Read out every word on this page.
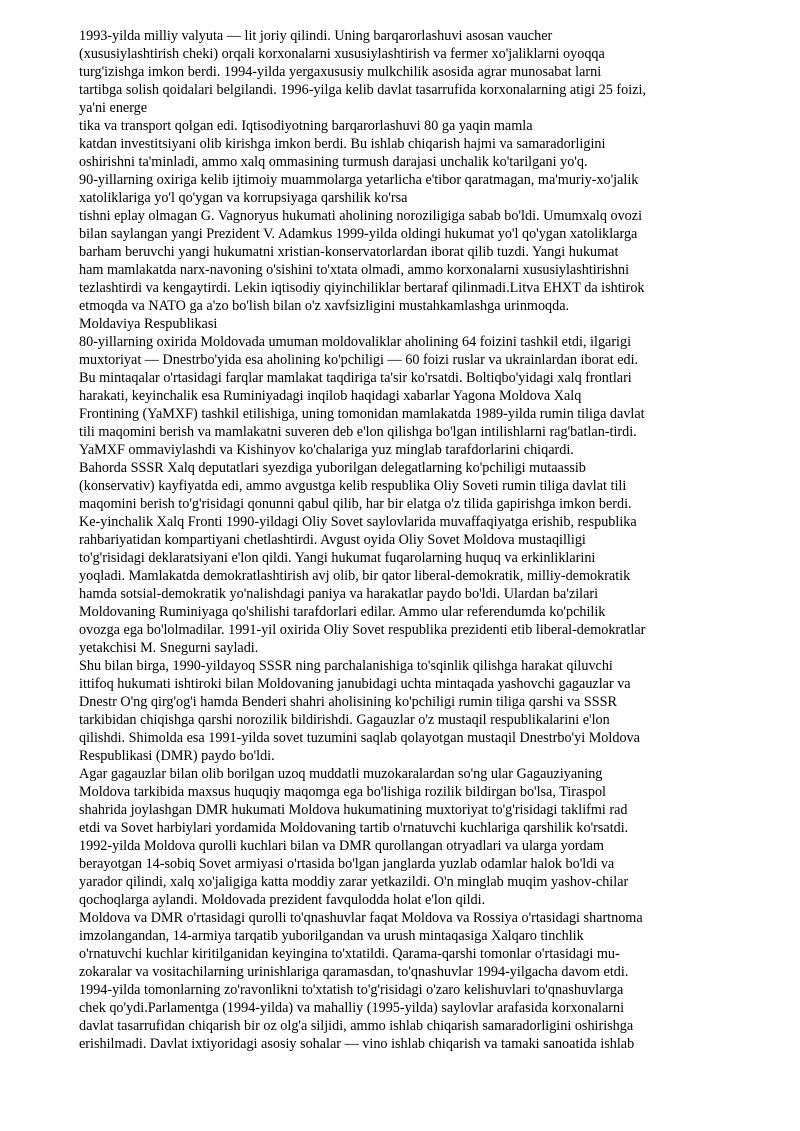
1993-yilda milliy valyuta — lit joriy qilindi. Uning barqarorlashuvi asosan vaucher
(xususiylashtirish cheki) orqali korxonalarni xususiylashtirish va fermer xo'jaliklarni oyoqqa
turg'izishga imkon berdi. 1994-yilda yergaxususiy mulkchilik asosida agrar munosabat larni
tartibga solish qoidalari belgilandi. 1996-yilga kelib davlat tasarrufida korxonalarning atigi 25 foizi,
ya'ni energe
tika va transport qolgan edi. Iqtisodiyotning barqarorlashuvi 80 ga yaqin mamla
katdan investitsiyani olib kirishga imkon berdi. Bu ishlab chiqarish hajmi va samaradorligini
oshirishni ta'minladi, ammo xalq ommasining turmush darajasi unchalik ko'tarilgani yo'q.
90-yillarning oxiriga kelib ijtimoiy muammolarga yetarlicha e'tibor qaratmagan, ma'muriy-xo'jalik
xatoliklariga yo'l qo'ygan va korrupsiyaga qarshilik ko'rsa
tishni eplay olmagan G. Vagnoryus hukumati aholining noroziligiga sabab bo'ldi. Umumxalq ovozi
bilan saylangan yangi Prezident V. Adamkus 1999-yilda oldingi hukumat yo'l qo'ygan xatoliklarga
barham beruvchi yangi hukumatni xristian-konservatorlardan iborat qilib tuzdi. Yangi hukumat
ham mamlakatda narx-navoning o'sishini to'xtata olmadi, ammo korxonalarni xususiylashtirishni
tezlashtirdi va kengaytirdi. Lekin iqtisodiy qiyinchiliklar bertaraf qilinmadi.Litva EHXT da ishtirok
etmoqda va NATO ga a'zo bo'lish bilan o'z xavfsizligini mustahkamlashga urinmoqda.
Moldaviya Respublikasi
80-yillarning oxirida Moldovada umuman moldovaliklar aholining 64 foizini tashkil etdi, ilgarigi
muxtoriyat — Dnestrbo'yida esa aholining ko'pchiligi — 60 foizi ruslar va ukrainlardan iborat edi.
Bu mintaqalar o'rtasidagi farqlar mamlakat taqdiriga ta'sir ko'rsatdi. Boltiqbo'yidagi xalq frontlari
harakati, keyinchalik esa Ruminiyadagi inqilob haqidagi xabarlar Yagona Moldova Xalq
Frontining (YaMXF) tashkil etilishiga, uning tomonidan mamlakatda 1989-yilda rumin tiliga davlat
tili maqomini berish va mamlakatni suveren deb e'lon qilishga bo'lgan intilishlarni rag'batlan-tirdi.
YaMXF ommaviylashdi va Kishinyov ko'chalariga yuz minglab tarafdorlarini chiqardi.
Bahorda SSSR Xalq deputatlari syezdiga yuborilgan delegatlarning ko'pchiligi mutaassib
(konservativ) kayfiyatda edi, ammo avgustga kelib respublika Oliy Soveti rumin tiliga davlat tili
maqomini berish to'g'risidagi qonunni qabul qilib, har bir elatga o'z tilida gapirishga imkon berdi.
Ke-yinchalik Xalq Fronti 1990-yildagi Oliy Sovet saylovlarida muvaffaqiyatga erishib, respublika
rahbariyatidan kompartiyani chetlashtirdi. Avgust oyida Oliy Sovet Moldova mustaqilligi
to'g'risidagi deklaratsiyani e'lon qildi. Yangi hukumat fuqarolarning huquq va erkinliklarini
yoqladi. Mamlakatda demokratlashtirish avj olib, bir qator liberal-demokratik, milliy-demokratik
hamda sotsial-demokratik yo'nalishdagi paniya va harakatlar paydo bo'ldi. Ulardan ba'zilari
Moldovaning Ruminiyaga qo'shilishi tarafdorlari edilar. Ammo ular referendumda ko'pchilik
ovozga ega bo'lolmadilar. 1991-yil oxirida Oliy Sovet respublika prezidenti etib liberal-demokratlar
yetakchisi M. Snegurni sayladi.
Shu bilan birga, 1990-yildayoq SSSR ning parchalanishiga to'sqinlik qilishga harakat qiluvchi
ittifoq hukumati ishtiroki bilan Moldovaning janubidagi uchta mintaqada yashovchi gagauzlar va
Dnestr O'ng qirg'og'i hamda Benderi shahri aholisining ko'pchiligi rumin tiliga qarshi va SSSR
tarkibidan chiqishga qarshi norozilik bildirishdi. Gagauzlar o'z mustaqil respublikalarini e'lon
qilishdi. Shimolda esa 1991-yilda sovet tuzumini saqlab qolayotgan mustaqil Dnestrbo'yi Moldova
Respublikasi (DMR) paydo bo'ldi.
Agar gagauzlar bilan olib borilgan uzoq muddatli muzokaralardan so'ng ular Gagauziyaning
Moldova tarkibida maxsus huquqiy maqomga ega bo'lishiga rozilik bildirgan bo'lsa, Tiraspol
shahrida joylashgan DMR hukumati Moldova hukumatining muxtoriyat to'g'risidagi taklifmi rad
etdi va Sovet harbiylari yordamida Moldovaning tartib o'rnatuvchi kuchlariga qarshilik ko'rsatdi.
1992-yilda Moldova qurolli kuchlari bilan va DMR qurollangan otryadlari va ularga yordam
berayotgan 14-sobiq Sovet armiyasi o'rtasida bo'lgan janglarda yuzlab odamlar halok bo'ldi va
yarador qilindi, xalq xo'jaligiga katta moddiy zarar yetkazildi. O'n minglab muqim yashov-chilar
qochoqlarga aylandi. Moldovada prezident favqulodda holat e'lon qildi.
Moldova va DMR o'rtasidagi qurolli to'qnashuvlar faqat Moldova va Rossiya o'rtasidagi shartnoma
imzolangandan, 14-armiya tarqatib yuborilgandan va urush mintaqasiga Xalqaro tinchlik
o'rnatuvchi kuchlar kiritilganidan keyingina to'xtatildi. Qarama-qarshi tomonlar o'rtasidagi mu-
zokaralar va vositachilarning urinishlariga qaramasdan, to'qnashuvlar 1994-yilgacha davom etdi.
1994-yilda tomonlarning zo'ravonlikni to'xtatish to'g'risidagi o'zaro kelishuvlari to'qnashuvlarga
chek qo'ydi.Parlamentga (1994-yilda) va mahalliy (1995-yilda) saylovlar arafasida korxonalarni
davlat tasarrufidan chiqarish bir oz olg'a siljidi, ammo ishlab chiqarish samaradorligini oshirishga
erishilmadi. Davlat ixtiyoridagi asosiy sohalar — vino ishlab chiqarish va tamaki sanoatida ishlab
